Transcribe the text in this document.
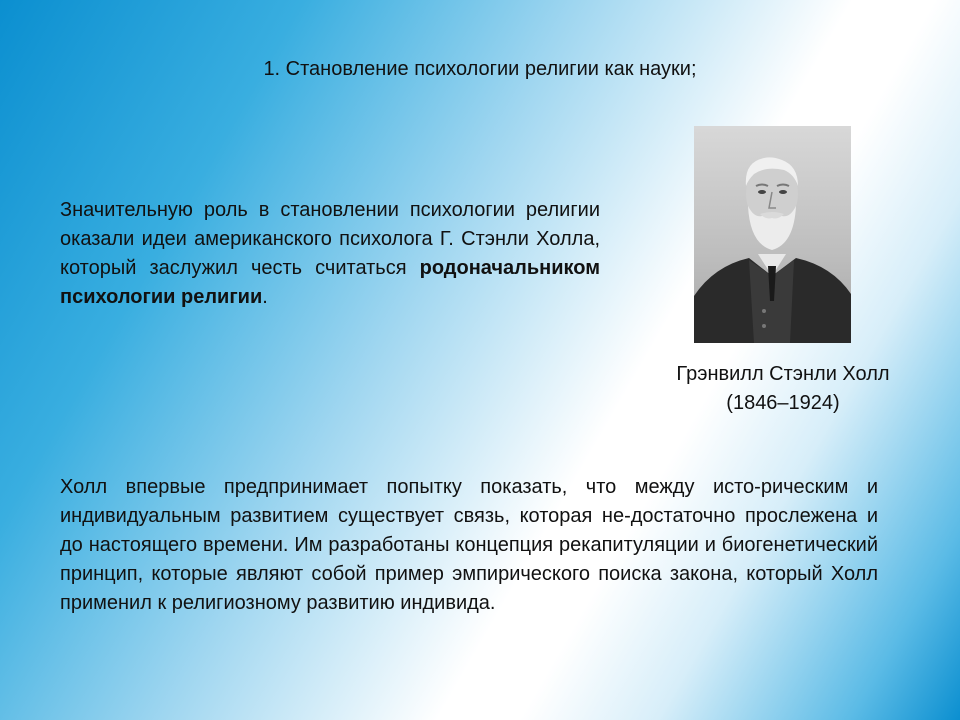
1. Становление психологии религии как науки;
Значительную роль в становлении психологии религии оказали идеи американского психолога Г. Стэнли Холла, который заслужил честь считаться родоначальником психологии религии.
Грэнвилл Стэнли Холл
(1846–1924)
Холл впервые предпринимает попытку показать, что между исто-рическим и индивидуальным развитием существует связь, которая не-достаточно прослежена и до настоящего времени. Им разработаны концепция рекапитуляции и биогенетический принцип, которые являют собой пример эмпирического поиска закона, который Холл применил к религиозному развитию индивида.
